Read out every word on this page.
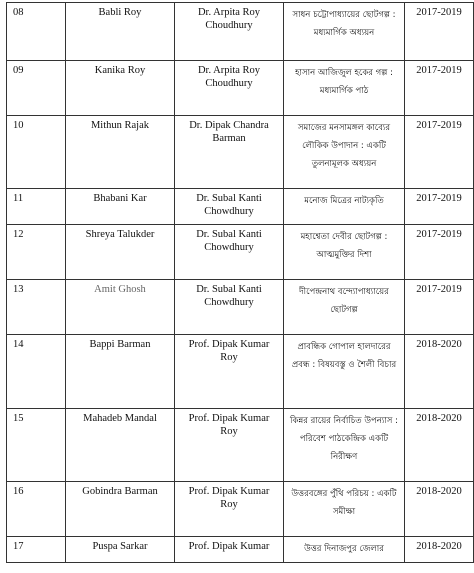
08	Babli Roy	Dr. Arpita Roy Choudhury	সাধন চট্টোপাধ্যায়ের ছোটগল্প : মধ্যমার্গিক অধ্যয়ন	2017-2019
09	Kanika Roy	Dr. Arpita Roy Choudhury	হাসান আজিজুল হকের গল্প : মধ্যমার্গিক পাঠ	2017-2019
10	Mithun Rajak	Dr. Dipak Chandra Barman	সমাজের মনসামঙ্গল কাব্যের লৌকিক উপাদান : একটি তুলনামূলক অধ্যয়ন	2017-2019
11	Bhabani Kar	Dr. Subal Kanti Chowdhury	মনোজ মিত্রের নাট্যকৃতি	2017-2019
12	Shreya Talukder	Dr. Subal Kanti Chowdhury	মহাশ্বেতা দেবীর ছোটগল্প : আত্মমুক্তির দিশা	2017-2019
13	Amit Ghosh	Dr. Subal Kanti Chowdhury	দীপেন্দ্রনাথ বন্দ্যোপাধ্যায়ের ছোটগল্প	2017-2019
14	Bappi Barman	Prof. Dipak Kumar Roy	প্রাবন্ধিক গোপাল হালদারের প্রবন্ধ : বিষয়বস্তু ও শৈলী বিচার	2018-2020
15	Mahadeb Mandal	Prof. Dipak Kumar Roy	কিন্নর রায়ের নির্বাচিত উপন্যাস : পরিবেশ পাঠকেন্দ্রিক একটি নিরীক্ষণ	2018-2020
16	Gobindra Barman	Prof. Dipak Kumar Roy	উত্তরবঙ্গের পুঁথি পরিচয় : একটি সমীক্ষা	2018-2020
17	Puspa Sarkar	Prof. Dipak Kumar	উত্তর দিনাজপুর জেলার	2018-2020
